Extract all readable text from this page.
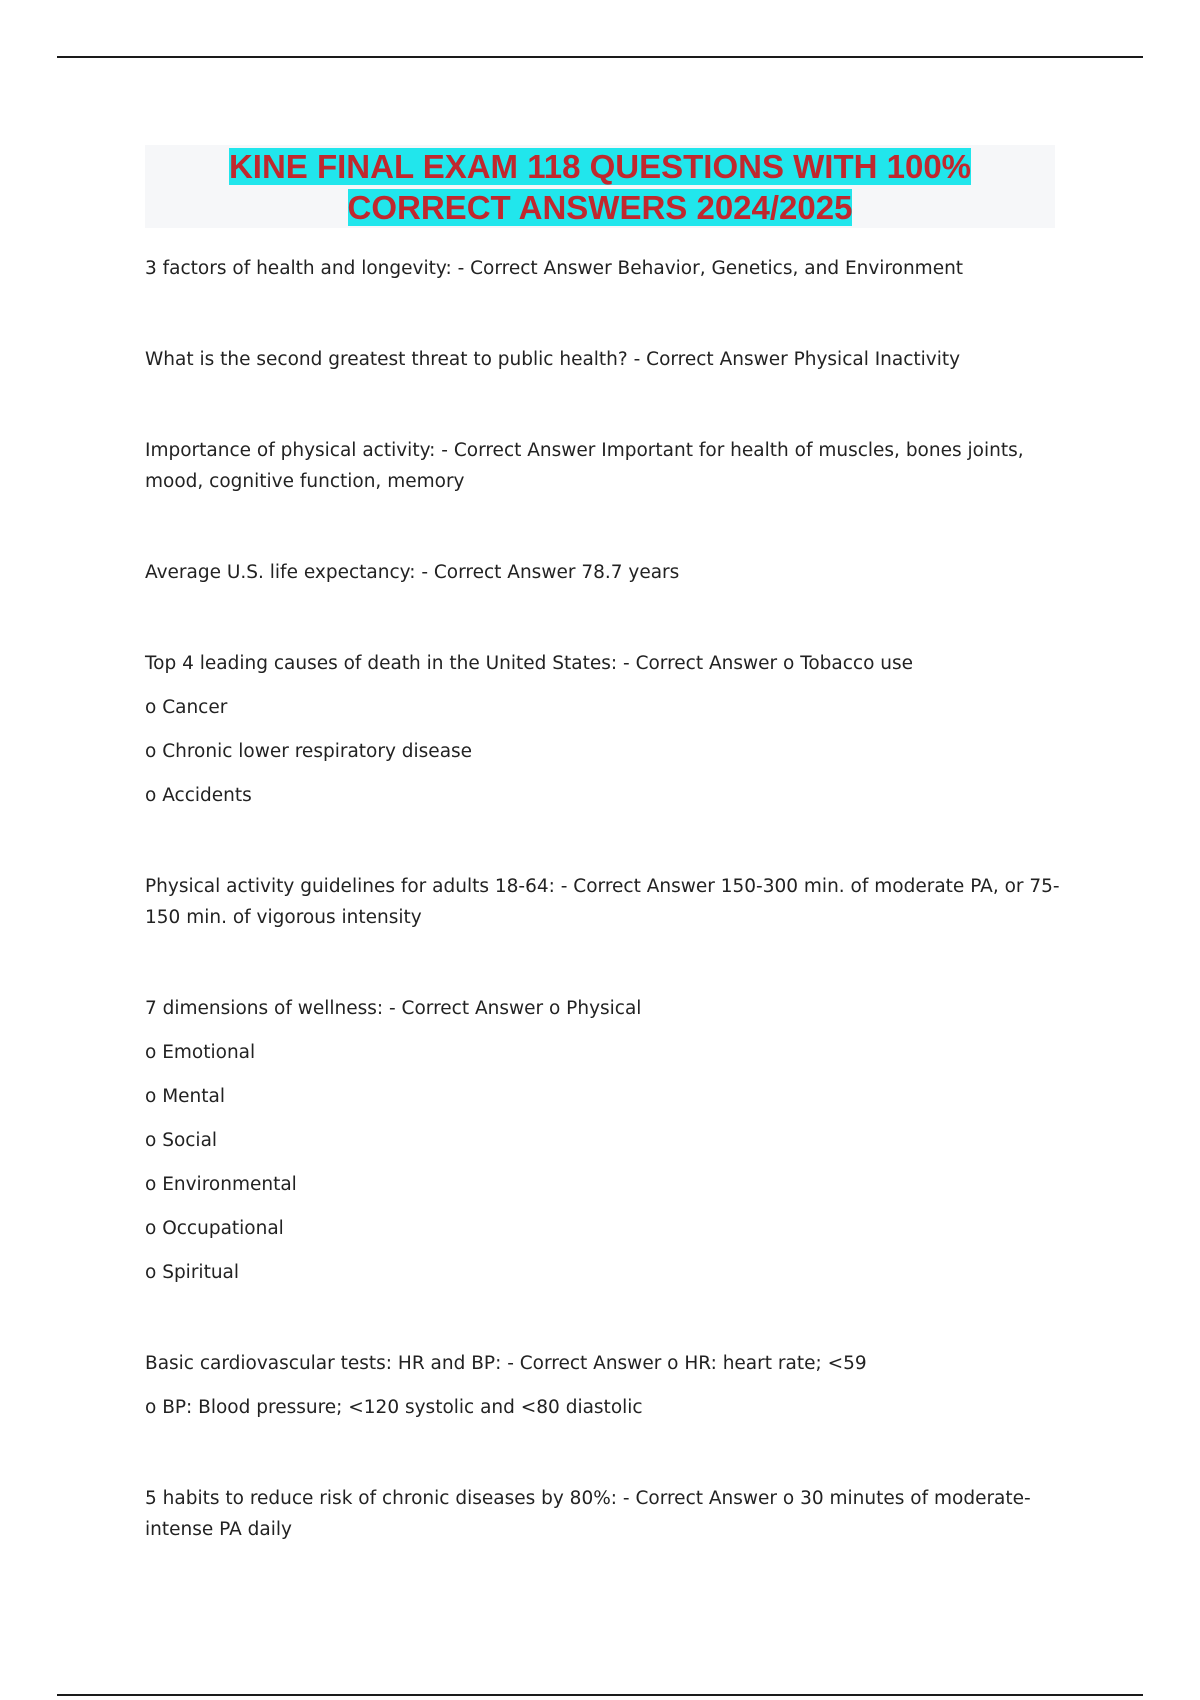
KINE FINAL EXAM 118 QUESTIONS WITH 100%
CORRECT ANSWERS 2024/2025

3 factors of health and longevity: - Correct Answer Behavior, Genetics, and Environment

What is the second greatest threat to public health? - Correct Answer Physical Inactivity

Importance of physical activity: - Correct Answer Important for health of muscles, bones joints, mood, cognitive function, memory

Average U.S. life expectancy: - Correct Answer 78.7 years

Top 4 leading causes of death in the United States: - Correct Answer o Tobacco use

o Cancer

o Chronic lower respiratory disease

o Accidents

Physical activity guidelines for adults 18-64: - Correct Answer 150-300 min. of moderate PA, or 75-150 min. of vigorous intensity

7 dimensions of wellness: - Correct Answer o Physical

o Emotional

o Mental

o Social

o Environmental

o Occupational

o Spiritual

Basic cardiovascular tests: HR and BP: - Correct Answer o HR: heart rate; <59

o BP: Blood pressure; <120 systolic and <80 diastolic

5 habits to reduce risk of chronic diseases by 80%: - Correct Answer o 30 minutes of moderate-intense PA daily
